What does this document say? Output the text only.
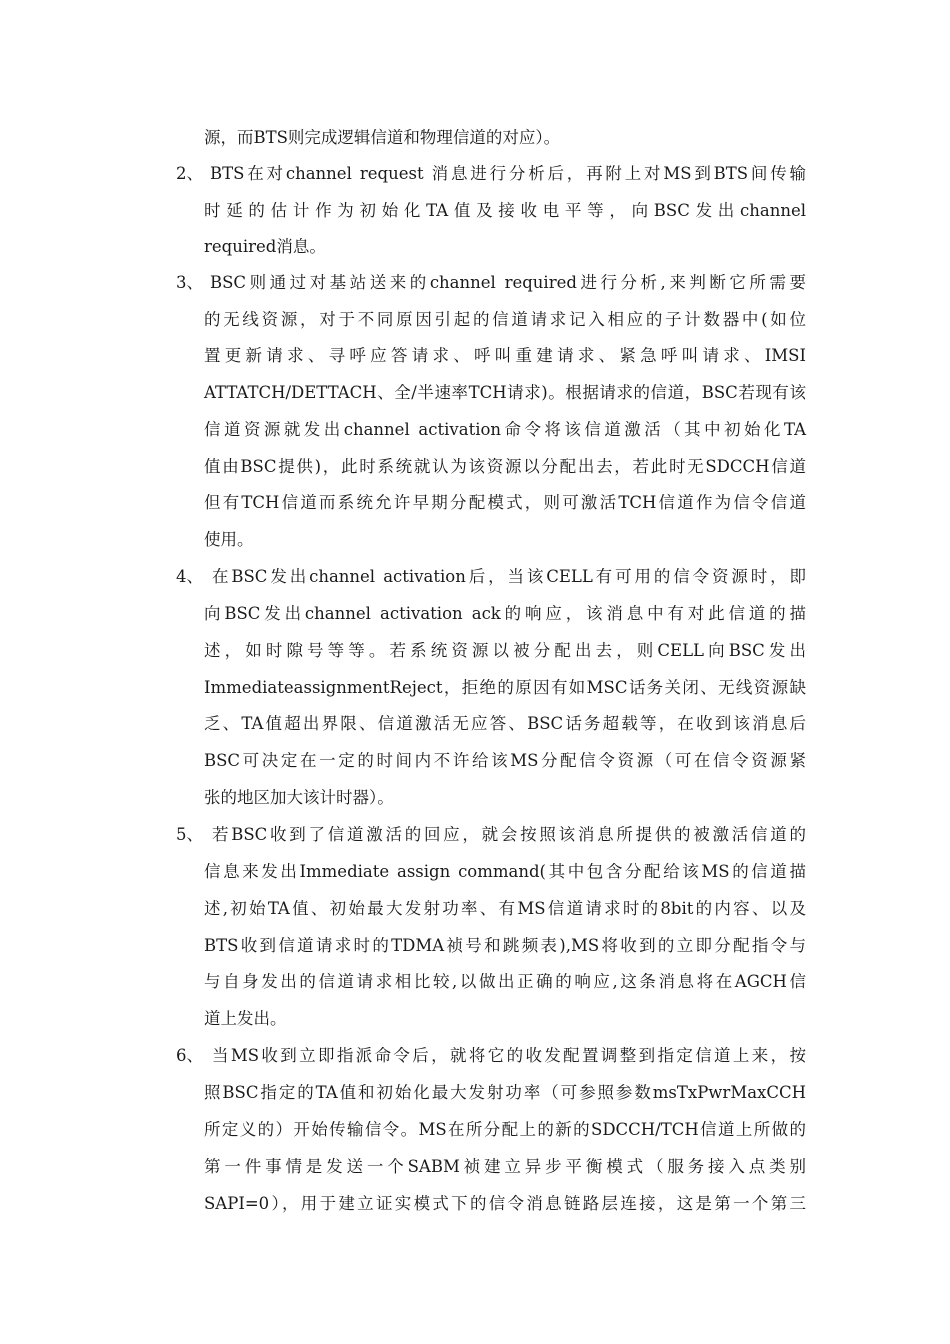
源，而BTS则完成逻辑信道和物理信道的对应）。
2、 BTS在对channel request 消息进行分析后，再附上对MS到BTS间传输
时延的估计作为初始化TA值及接收电平等，向BSC发出channel
required消息。
3、 BSC则通过对基站送来的channel required进行分析,来判断它所需要
的无线资源，对于不同原因引起的信道请求记入相应的子计数器中(如位
置更新请求、寻呼应答请求、呼叫重建请求、紧急呼叫请求、IMSI
ATTATCH/DETTACH、全/半速率TCH请求)。根据请求的信道，BSC若现有该
信道资源就发出channel activation命令将该信道激活（其中初始化TA
值由BSC提供)，此时系统就认为该资源以分配出去，若此时无SDCCH信道
但有TCH信道而系统允许早期分配模式，则可激活TCH信道作为信令信道
使用。
4、 在BSC发出channel activation后，当该CELL有可用的信令资源时，即
向BSC发出channel activation ack的响应，该消息中有对此信道的描
述，如时隙号等等。若系统资源以被分配出去，则CELL向BSC发出
ImmediateassignmentReject，拒绝的原因有如MSC话务关闭、无线资源缺
乏、TA值超出界限、信道激活无应答、BSC话务超载等，在收到该消息后
BSC可决定在一定的时间内不许给该MS分配信令资源（可在信令资源紧
张的地区加大该计时器）。
5、 若BSC收到了信道激活的回应，就会按照该消息所提供的被激活信道的
信息来发出Immediate assign command(其中包含分配给该MS的信道描
述,初始TA值、初始最大发射功率、有MS信道请求时的8bit的内容、以及
BTS收到信道请求时的TDMA祯号和跳频表),MS将收到的立即分配指令与
与自身发出的信道请求相比较,以做出正确的响应,这条消息将在AGCH信
道上发出。
6、 当MS收到立即指派命令后，就将它的收发配置调整到指定信道上来，按
照BSC指定的TA值和初始化最大发射功率（可参照参数msTxPwrMaxCCH
所定义的）开始传输信令。MS在所分配上的新的SDCCH/TCH信道上所做的
第一件事情是发送一个SABM祯建立异步平衡模式（服务接入点类别
SAPI=0），用于建立证实模式下的信令消息链路层连接，这是第一个第三
